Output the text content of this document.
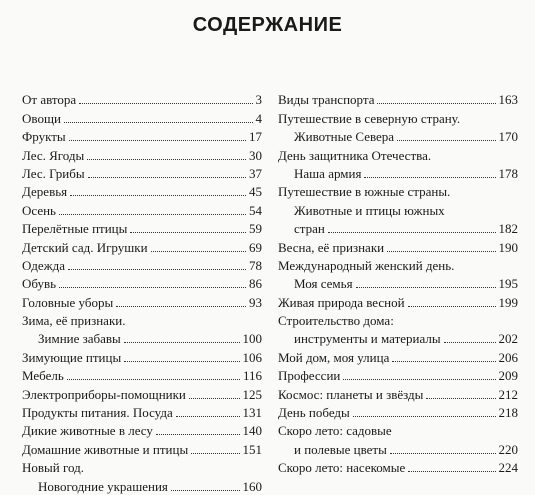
СОДЕРЖАНИЕ
От автора	3
Овощи	4
Фрукты	17
Лес. Ягоды	30
Лес. Грибы	37
Деревья	45
Осень	54
Перелётные птицы	59
Детский сад. Игрушки	69
Одежда	78
Обувь	86
Головные уборы	93
Зима, её признаки.
Зимние забавы	100
Зимующие птицы	106
Мебель	116
Электроприборы-помощники	125
Продукты питания. Посуда	131
Дикие животные в лесу	140
Домашние животные и птицы	151
Новый год.
Новогодние украшения	160
Виды транспорта	163
Путешествие в северную страну.
Животные Севера	170
День защитника Отечества.
Наша армия	178
Путешествие в южные страны.
Животные и птицы южных
стран	182
Весна, её признаки	190
Международный женский день.
Моя семья	195
Живая природа весной	199
Строительство дома:
инструменты и материалы	202
Мой дом, моя улица	206
Профессии	209
Космос: планеты и звёзды	212
День победы	218
Скоро лето: садовые
и полевые цветы	220
Скоро лето: насекомые	224
